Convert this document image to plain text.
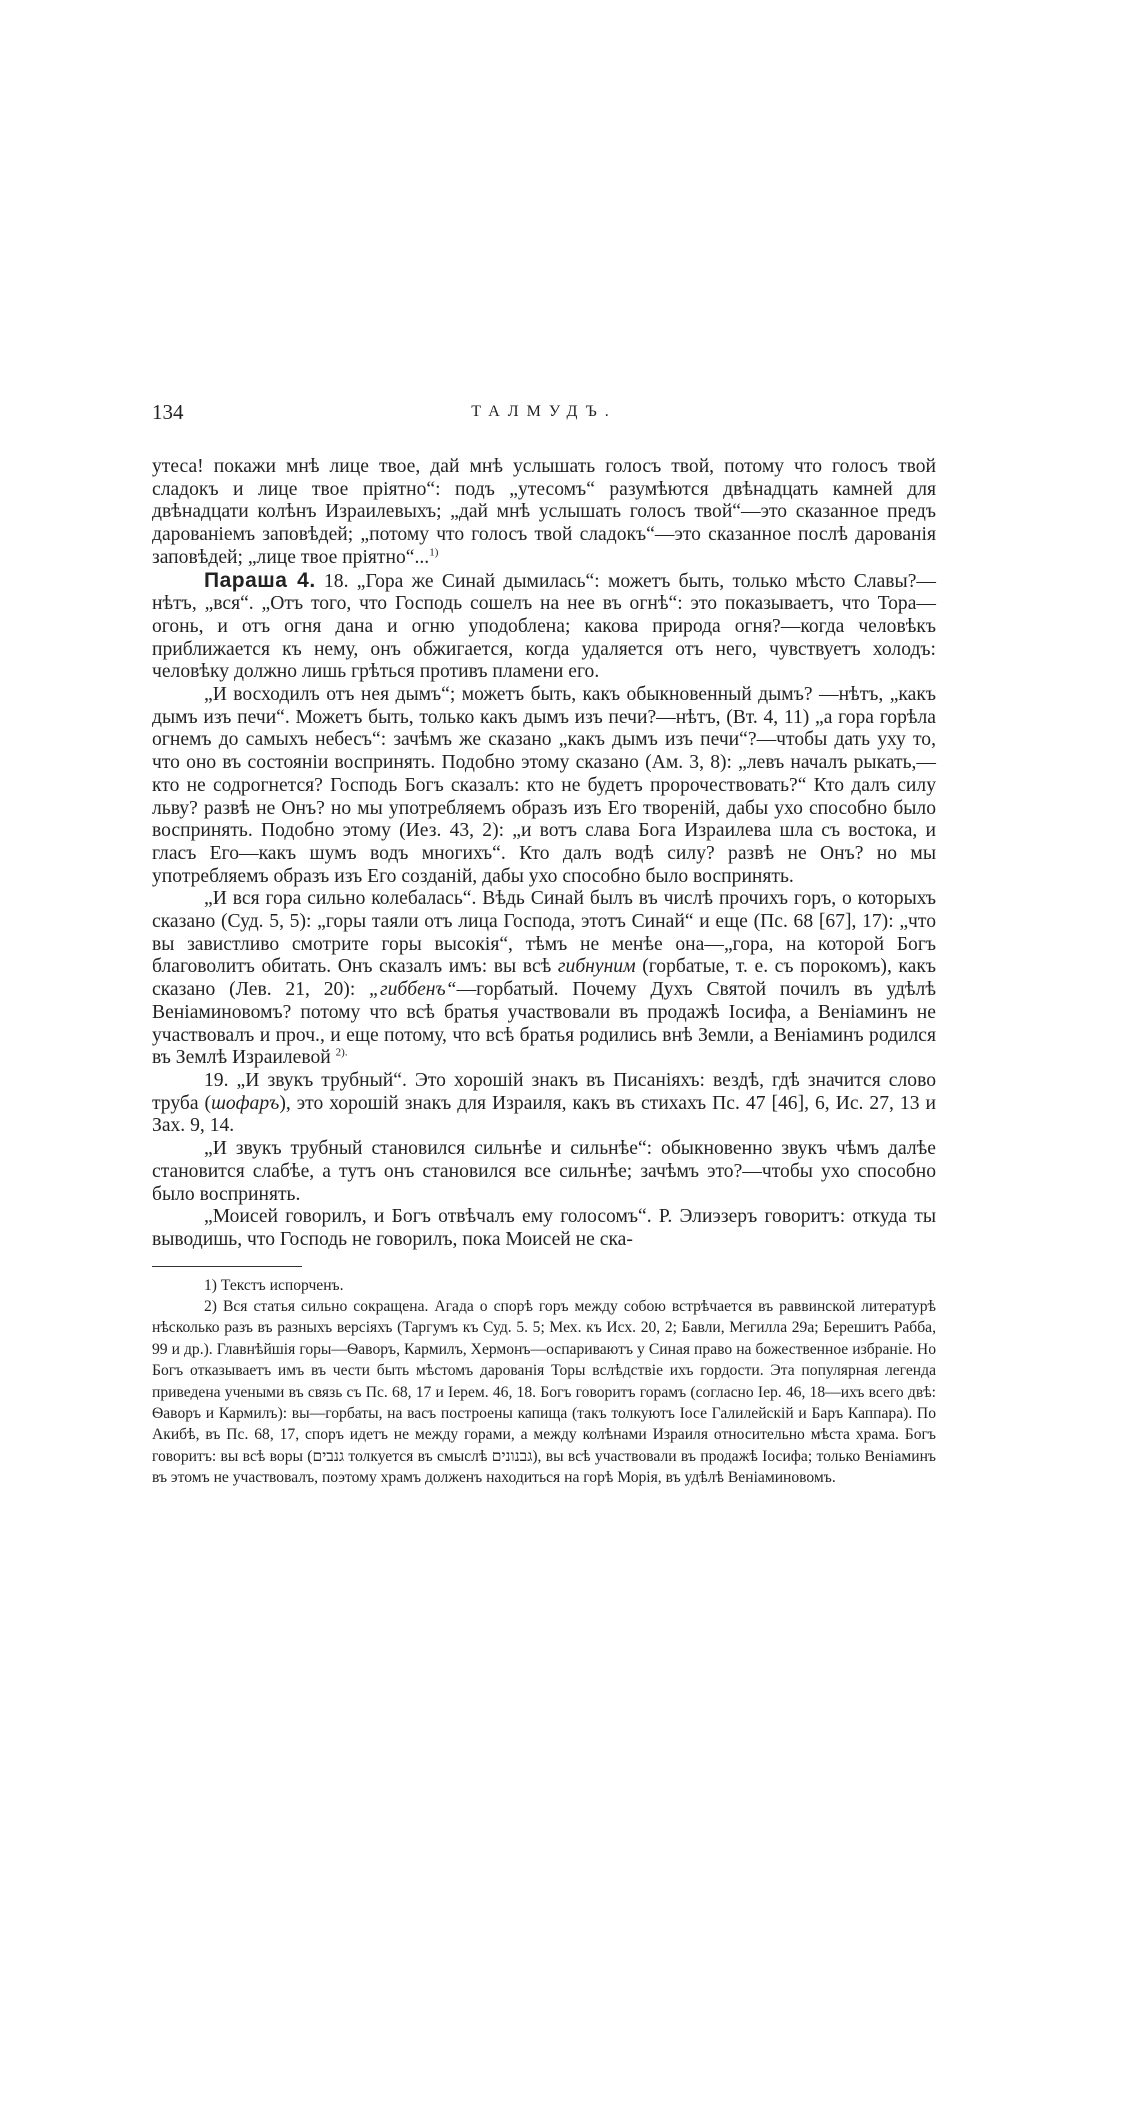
134	ТАЛМУДЪ.

утеса! покажи мнѣ лице твое, дай мнѣ услышать голосъ твой, потому что голосъ твой сладокъ и лице твое пріятно“: подъ „утесомъ“ разумѣются двѣнадцать камней для двѣнадцати колѣнъ Израилевыхъ; „дай мнѣ услышать голосъ твой“—это сказанное предъ дарованіемъ заповѣдей; „потому что голосъ твой сладокъ“—это сказанное послѣ дарованія заповѣдей; „лице твое пріятно“...$^{1)}$

Параша 4. 18. „Гора же Синай дымилась“: можетъ быть, только мѣсто Славы?—нѣтъ, „вся“. „Отъ того, что Господь сошелъ на нее въ огнѣ“: это показываетъ, что Тора—огонь, и отъ огня дана и огню уподоблена; какова природа огня?—когда человѣкъ приближается къ нему, онъ обжигается, когда удаляется отъ него, чувствуетъ холодъ: человѣку должно лишь грѣться противъ пламени его.

„И восходилъ отъ нея дымъ“; можетъ быть, какъ обыкновенный дымъ? —нѣтъ, „какъ дымъ изъ печи“. Можетъ быть, только какъ дымъ изъ печи?—нѣтъ, (Вт. 4, 11) „а гора горѣла огнемъ до самыхъ небесъ“: зачѣмъ же сказано „какъ дымъ изъ печи“?—чтобы дать уху то, что оно въ состояніи воспринять. Подобно этому сказано (Ам. 3, 8): „левъ началъ рыкать,—кто не содрогнется? Господь Богъ сказалъ: кто не будетъ пророчествовать?“ Кто далъ силу льву? развѣ не Онъ? но мы употребляемъ образъ изъ Его твореній, дабы ухо способно было воспринять. Подобно этому (Иез. 43, 2): „и вотъ слава Бога Израилева шла съ востока, и гласъ Его—какъ шумъ водъ многихъ“. Кто далъ водѣ силу? развѣ не Онъ? но мы употребляемъ образъ изъ Его созданій, дабы ухо способно было воспринять.

„И вся гора сильно колебалась“. Вѣдь Синай былъ въ числѣ прочихъ горъ, о которыхъ сказано (Суд. 5, 5): „горы таяли отъ лица Господа, этотъ Синай“ и еще (Пс. 68 [67], 17): „что вы завистливо смотрите горы высокія“, тѣмъ не менѣе она—„гора, на которой Богъ благоволитъ обитать. Онъ сказалъ имъ: вы всѣ гибнуним (горбатые, т. е. съ порокомъ), какъ сказано (Лев. 21, 20): „гиббенъ“—горбатый. Почему Духъ Святой почилъ въ удѣлѣ Веніаминовомъ? потому что всѣ братья участвовали въ продажѣ Іосифа, а Веніаминъ не участвовалъ и проч., и еще потому, что всѣ братья родились внѣ Земли, а Веніаминъ родился въ Землѣ Израилевой $^{2).}$

19. „И звукъ трубный“. Это хорошій знакъ въ Писаніяхъ: вездѣ, гдѣ значится слово труба (шофаръ), это хорошій знакъ для Израиля, какъ въ стихахъ Пс. 47 [46], 6, Ис. 27, 13 и Зах. 9, 14.

„И звукъ трубный становился сильнѣе и сильнѣе“: обыкновенно звукъ чѣмъ далѣе становится слабѣе, а тутъ онъ становился все сильнѣе; зачѣмъ это?—чтобы ухо способно было воспринять.

„Моисей говорилъ, и Богъ отвѣчалъ ему голосомъ“. Р. Элиэзеръ говоритъ: откуда ты выводишь, что Господь не говорилъ, пока Моисей не ска-

1) Текстъ испорченъ.

2) Вся статья сильно сокращена. Агада о спорѣ горъ между собою встрѣчается въ раввинской литературѣ нѣсколько разъ въ разныхъ версіяхъ (Таргумъ къ Суд. 5. 5; Мех. къ Исх. 20, 2; Бавли, Мегилла 29а; Берешитъ Рабба, 99 и др.). Главнѣйшія горы—Ѳаворъ, Кармилъ, Хермонъ—оспариваютъ у Синая право на божественное избраніе. Но Богъ отказываетъ имъ въ чести быть мѣстомъ дарованія Торы вслѣдствіе ихъ гордости. Эта популярная легенда приведена учеными въ связь съ Пс. 68, 17 и Іерем. 46, 18. Богъ говоритъ горамъ (согласно Іер. 46, 18—ихъ всего двѣ: Ѳаворъ и Кармилъ): вы—горбаты, на васъ построены капища (такъ толкуютъ Іосе Галилейскій и Баръ Каппара). По Акибѣ, въ Пс. 68, 17, споръ идетъ не между горами, а между колѣнами Израиля относительно мѣста храма. Богъ говоритъ: вы всѣ воры (גנבים толкуется въ смыслѣ גבנונים), вы всѣ участвовали въ продажѣ Іосифа; только Веніаминъ въ этомъ не участвовалъ, поэтому храмъ долженъ находиться на горѣ Морія, въ удѣлѣ Веніаминовомъ.
